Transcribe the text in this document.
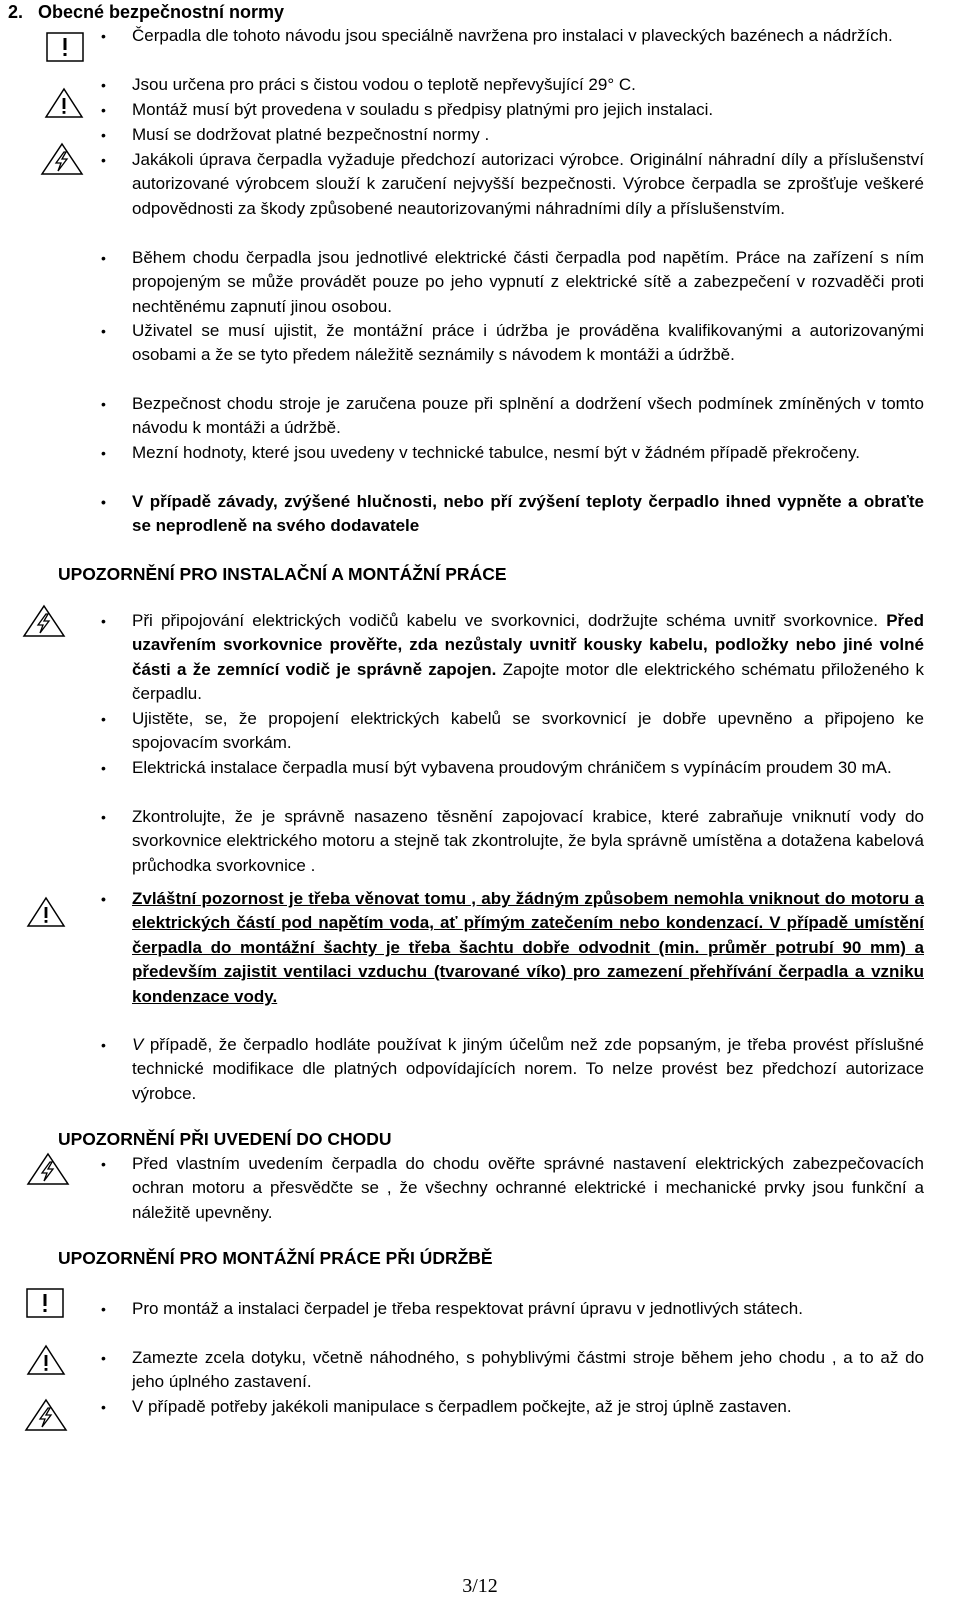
2. Obecné bezpečnostní normy
• Čerpadla dle tohoto návodu jsou speciálně navržena pro instalaci v plaveckých bazénech a nádržích.
• Jsou určena pro práci s čistou vodou o teplotě nepřevyšující 29° C.
• Montáž musí být provedena v souladu s předpisy platnými pro jejich instalaci.
• Musí se dodržovat platné bezpečnostní normy .
• Jakákoli úprava čerpadla vyžaduje předchozí autorizaci výrobce. Originální náhradní díly a příslušenství autorizované výrobcem slouží k zaručení nejvyšší bezpečnosti. Výrobce čerpadla se zprošťuje veškeré odpovědnosti za škody způsobené neautorizovanými náhradními díly a příslušenstvím.
• Během chodu čerpadla jsou jednotlivé elektrické části čerpadla pod napětím. Práce na zařízení s ním propojeným se může provádět pouze po jeho vypnutí z elektrické sítě a zabezpečení v rozvaděči proti nechtěnému zapnutí jinou osobou.
• Uživatel se musí ujistit, že montážní práce i údržba je prováděna kvalifikovanými a autorizovanými osobami a že se tyto předem náležitě seznámily s návodem k montáži a údržbě.
• Bezpečnost chodu stroje je zaručena pouze při splnění a dodržení všech podmínek zmíněných v tomto návodu k montáži a údržbě.
• Mezní hodnoty, které jsou uvedeny v technické tabulce, nesmí být v žádném případě překročeny.
• V případě závady, zvýšené hlučnosti, nebo pří zvýšení teploty čerpadlo ihned vypněte a obraťte se neprodleně na svého dodavatele
UPOZORNĚNÍ PRO INSTALAČNÍ A MONTÁŽNÍ PRÁCE
• Při připojování elektrických vodičů kabelu ve svorkovnici, dodržujte schéma uvnitř svorkovnice. Před uzavřením svorkovnice prověřte, zda nezůstaly uvnitř kousky kabelu, podložky nebo jiné volné části a že zemnící vodič je správně zapojen. Zapojte motor dle elektrického schématu přiloženého k čerpadlu.
• Ujistěte, se, že propojení elektrických kabelů se svorkovnicí je dobře upevněno a připojeno ke spojovacím svorkám.
• Elektrická instalace čerpadla musí být vybavena proudovým chráničem s vypínácím proudem 30 mA.
• Zkontrolujte, že je správně nasazeno těsnění zapojovací krabice, které zabraňuje vniknutí vody do svorkovnice elektrického motoru a stejně tak zkontrolujte, že byla správně umístěna a dotažena kabelová průchodka svorkovnice .
• Zvláštní pozornost je třeba věnovat tomu , aby žádným způsobem nemohla vniknout do motoru a elektrických částí pod napětím voda, ať přímým zatečením nebo kondenzací. V případě umístění čerpadla do montážní šachty je třeba šachtu dobře odvodnit (min. průměr potrubí 90 mm) a především zajistit ventilaci vzduchu (tvarované víko) pro zamezení přehřívání čerpadla a vzniku kondenzace vody.
• V případě, že čerpadlo hodláte používat k jiným účelům než zde popsaným, je třeba provést příslušné technické modifikace dle platných odpovídajících norem. To nelze provést bez předchozí autorizace výrobce.
UPOZORNĚNÍ PŘI UVEDENÍ DO CHODU
• Před vlastním uvedením čerpadla do chodu ověřte správné nastavení elektrických zabezpečovacích ochran motoru a přesvědčte se , že všechny ochranné elektrické i mechanické prvky jsou funkční a náležitě upevněny.
UPOZORNĚNÍ PRO MONTÁŽNÍ PRÁCE PŘI ÚDRŽBĚ
• Pro montáž a instalaci čerpadel je třeba respektovat právní úpravu v jednotlivých státech.
• Zamezte zcela dotyku, včetně náhodného, s pohyblivými částmi stroje během jeho chodu , a to až do jeho úplného zastavení.
• V případě potřeby jakékoli manipulace s čerpadlem počkejte, až je stroj úplně zastaven.
3/12
